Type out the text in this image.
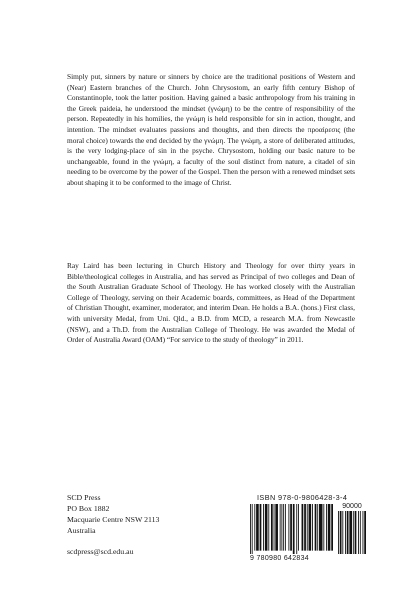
Simply put, sinners by nature or sinners by choice are the traditional positions of Western and (Near) Eastern branches of the Church. John Chrysostom, an early fifth century Bishop of Constantinople, took the latter position. Having gained a basic anthropology from his training in the Greek paideia, he understood the mindset (γνώμη) to be the centre of responsibility of the person. Repeatedly in his homilies, the γνώμη is held responsible for sin in action, thought, and intention. The mindset evaluates passions and thoughts, and then directs the προαίρεσις (the moral choice) towards the end decided by the γνώμη. The γνώμη, a store of deliberated attitudes, is the very lodging-place of sin in the psyche. Chrysostom, holding our basic nature to be unchangeable, found in the γνώμη, a faculty of the soul distinct from nature, a citadel of sin needing to be overcome by the power of the Gospel. Then the person with a renewed mindset sets about shaping it to be conformed to the image of Christ.

Ray Laird has been lecturing in Church History and Theology for over thirty years in Bible/theological colleges in Australia, and has served as Principal of two colleges and Dean of the South Australian Graduate School of Theology. He has worked closely with the Australian College of Theology, serving on their Academic boards, committees, as Head of the Department of Christian Thought, examiner, moderator, and interim Dean. He holds a B.A. (hons.) First class, with university Medal, from Uni. Qld., a B.D. from MCD, a research M.A. from Newcastle (NSW), and a Th.D. from the Australian College of Theology. He was awarded the Medal of Order of Australia Award (OAM) “For service to the study of theology” in 2011.

SCD Press
PO Box 1882
Macquarie Centre NSW 2113
Australia
scdpress@scd.edu.au
ISBN 978-0-9806428-3-4
90000
9 780980 642834
